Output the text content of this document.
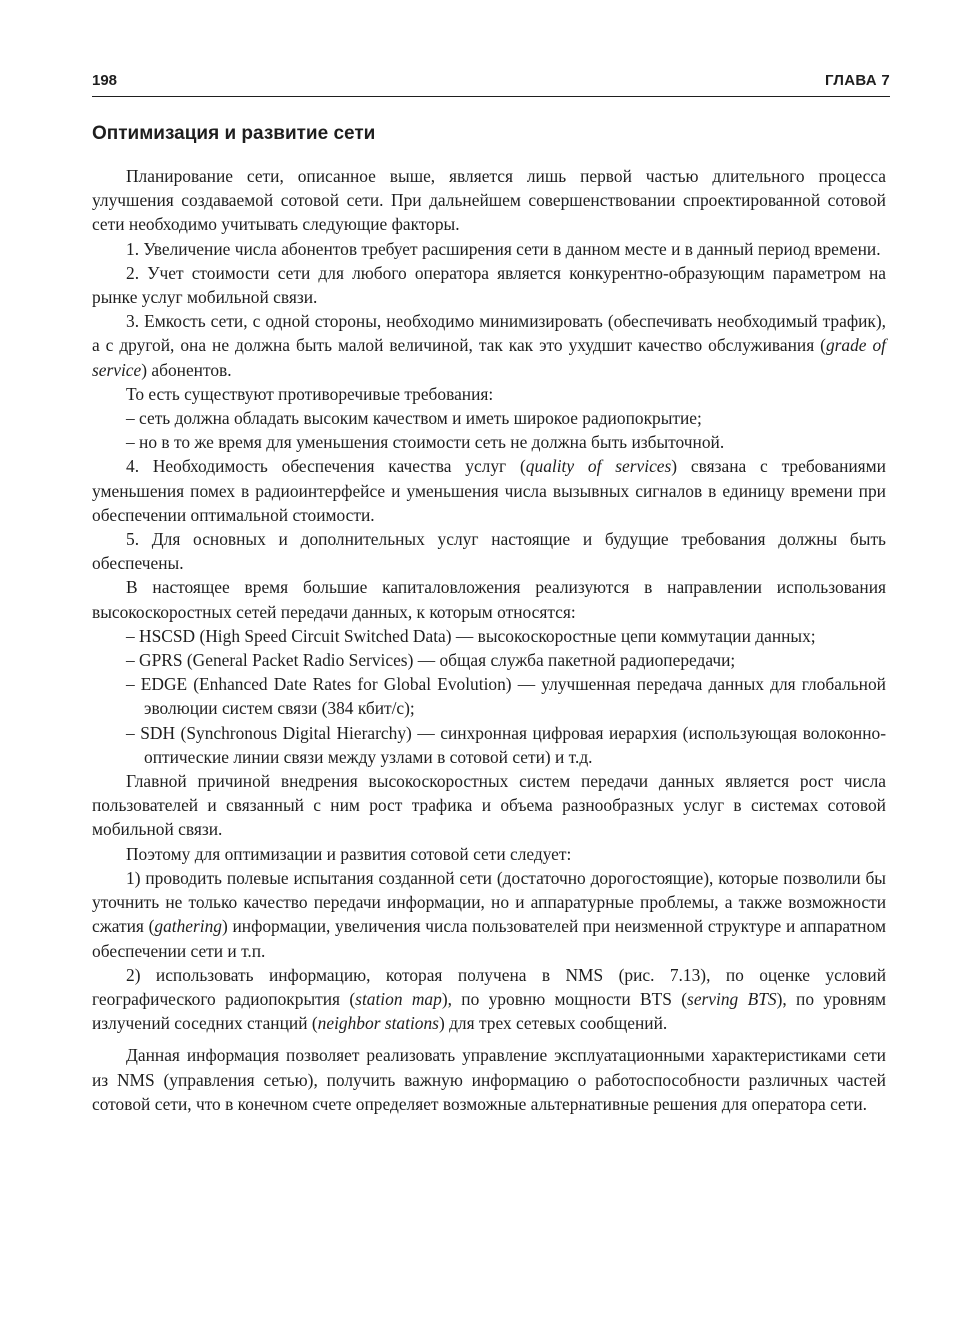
198	ГЛАВА 7
Оптимизация и развитие сети

Планирование сети, описанное выше, является лишь первой частью длительного процесса улучшения создаваемой сотовой сети. При дальнейшем совершенствовании спроектированной сотовой сети необходимо учитывать следующие факторы.

1. Увеличение числа абонентов требует расширения сети в данном месте и в данный период времени.

2. Учет стоимости сети для любого оператора является конкурентно-образующим параметром на рынке услуг мобильной связи.

3. Емкость сети, с одной стороны, необходимо минимизировать (обеспечивать необходимый трафик), а с другой, она не должна быть малой величиной, так как это ухудшит качество обслуживания (grade of service) абонентов.

То есть существуют противоречивые требования:

– сеть должна обладать высоким качеством и иметь широкое радиопокрытие;

– но в то же время для уменьшения стоимости сеть не должна быть избыточной.

4. Необходимость обеспечения качества услуг (quality of services) связана с требованиями уменьшения помех в радиоинтерфейсе и уменьшения числа вызывных сигналов в единицу времени при обеспечении оптимальной стоимости.

5. Для основных и дополнительных услуг настоящие и будущие требования должны быть обеспечены.

В настоящее время большие капиталовложения реализуются в направлении использования высокоскоростных сетей передачи данных, к которым относятся:

– HSCSD (High Speed Circuit Switched Data) — высокоскоростные цепи коммутации данных;

– GPRS (General Packet Radio Services) — общая служба пакетной радиопередачи;

– EDGE (Enhanced Date Rates for Global Evolution) — улучшенная передача данных для глобальной эволюции систем связи (384 кбит/с);

– SDH (Synchronous Digital Hierarchy) — синхронная цифровая иерархия (использующая волоконно-оптические линии связи между узлами в сотовой сети) и т.д.

Главной причиной внедрения высокоскоростных систем передачи данных является рост числа пользователей и связанный с ним рост трафика и объема разнообразных услуг в системах сотовой мобильной связи.

Поэтому для оптимизации и развития сотовой сети следует:

1) проводить полевые испытания созданной сети (достаточно дорогостоящие), которые позволили бы уточнить не только качество передачи информации, но и аппаратурные проблемы, а также возможности сжатия (gathering) информации, увеличения числа пользователей при неизменной структуре и аппаратном обеспечении сети и т.п.

2) использовать информацию, которая получена в NMS (рис. 7.13), по оценке условий географического радиопокрытия (station map), по уровню мощности BTS (serving BTS), по уровням излучений соседних станций (neighbor stations) для трех сетевых сообщений.

Данная информация позволяет реализовать управление эксплуатационными характеристиками сети из NMS (управления сетью), получить важную информацию о работоспособности различных частей сотовой сети, что в конечном счете определяет возможные альтернативные решения для оператора сети.
